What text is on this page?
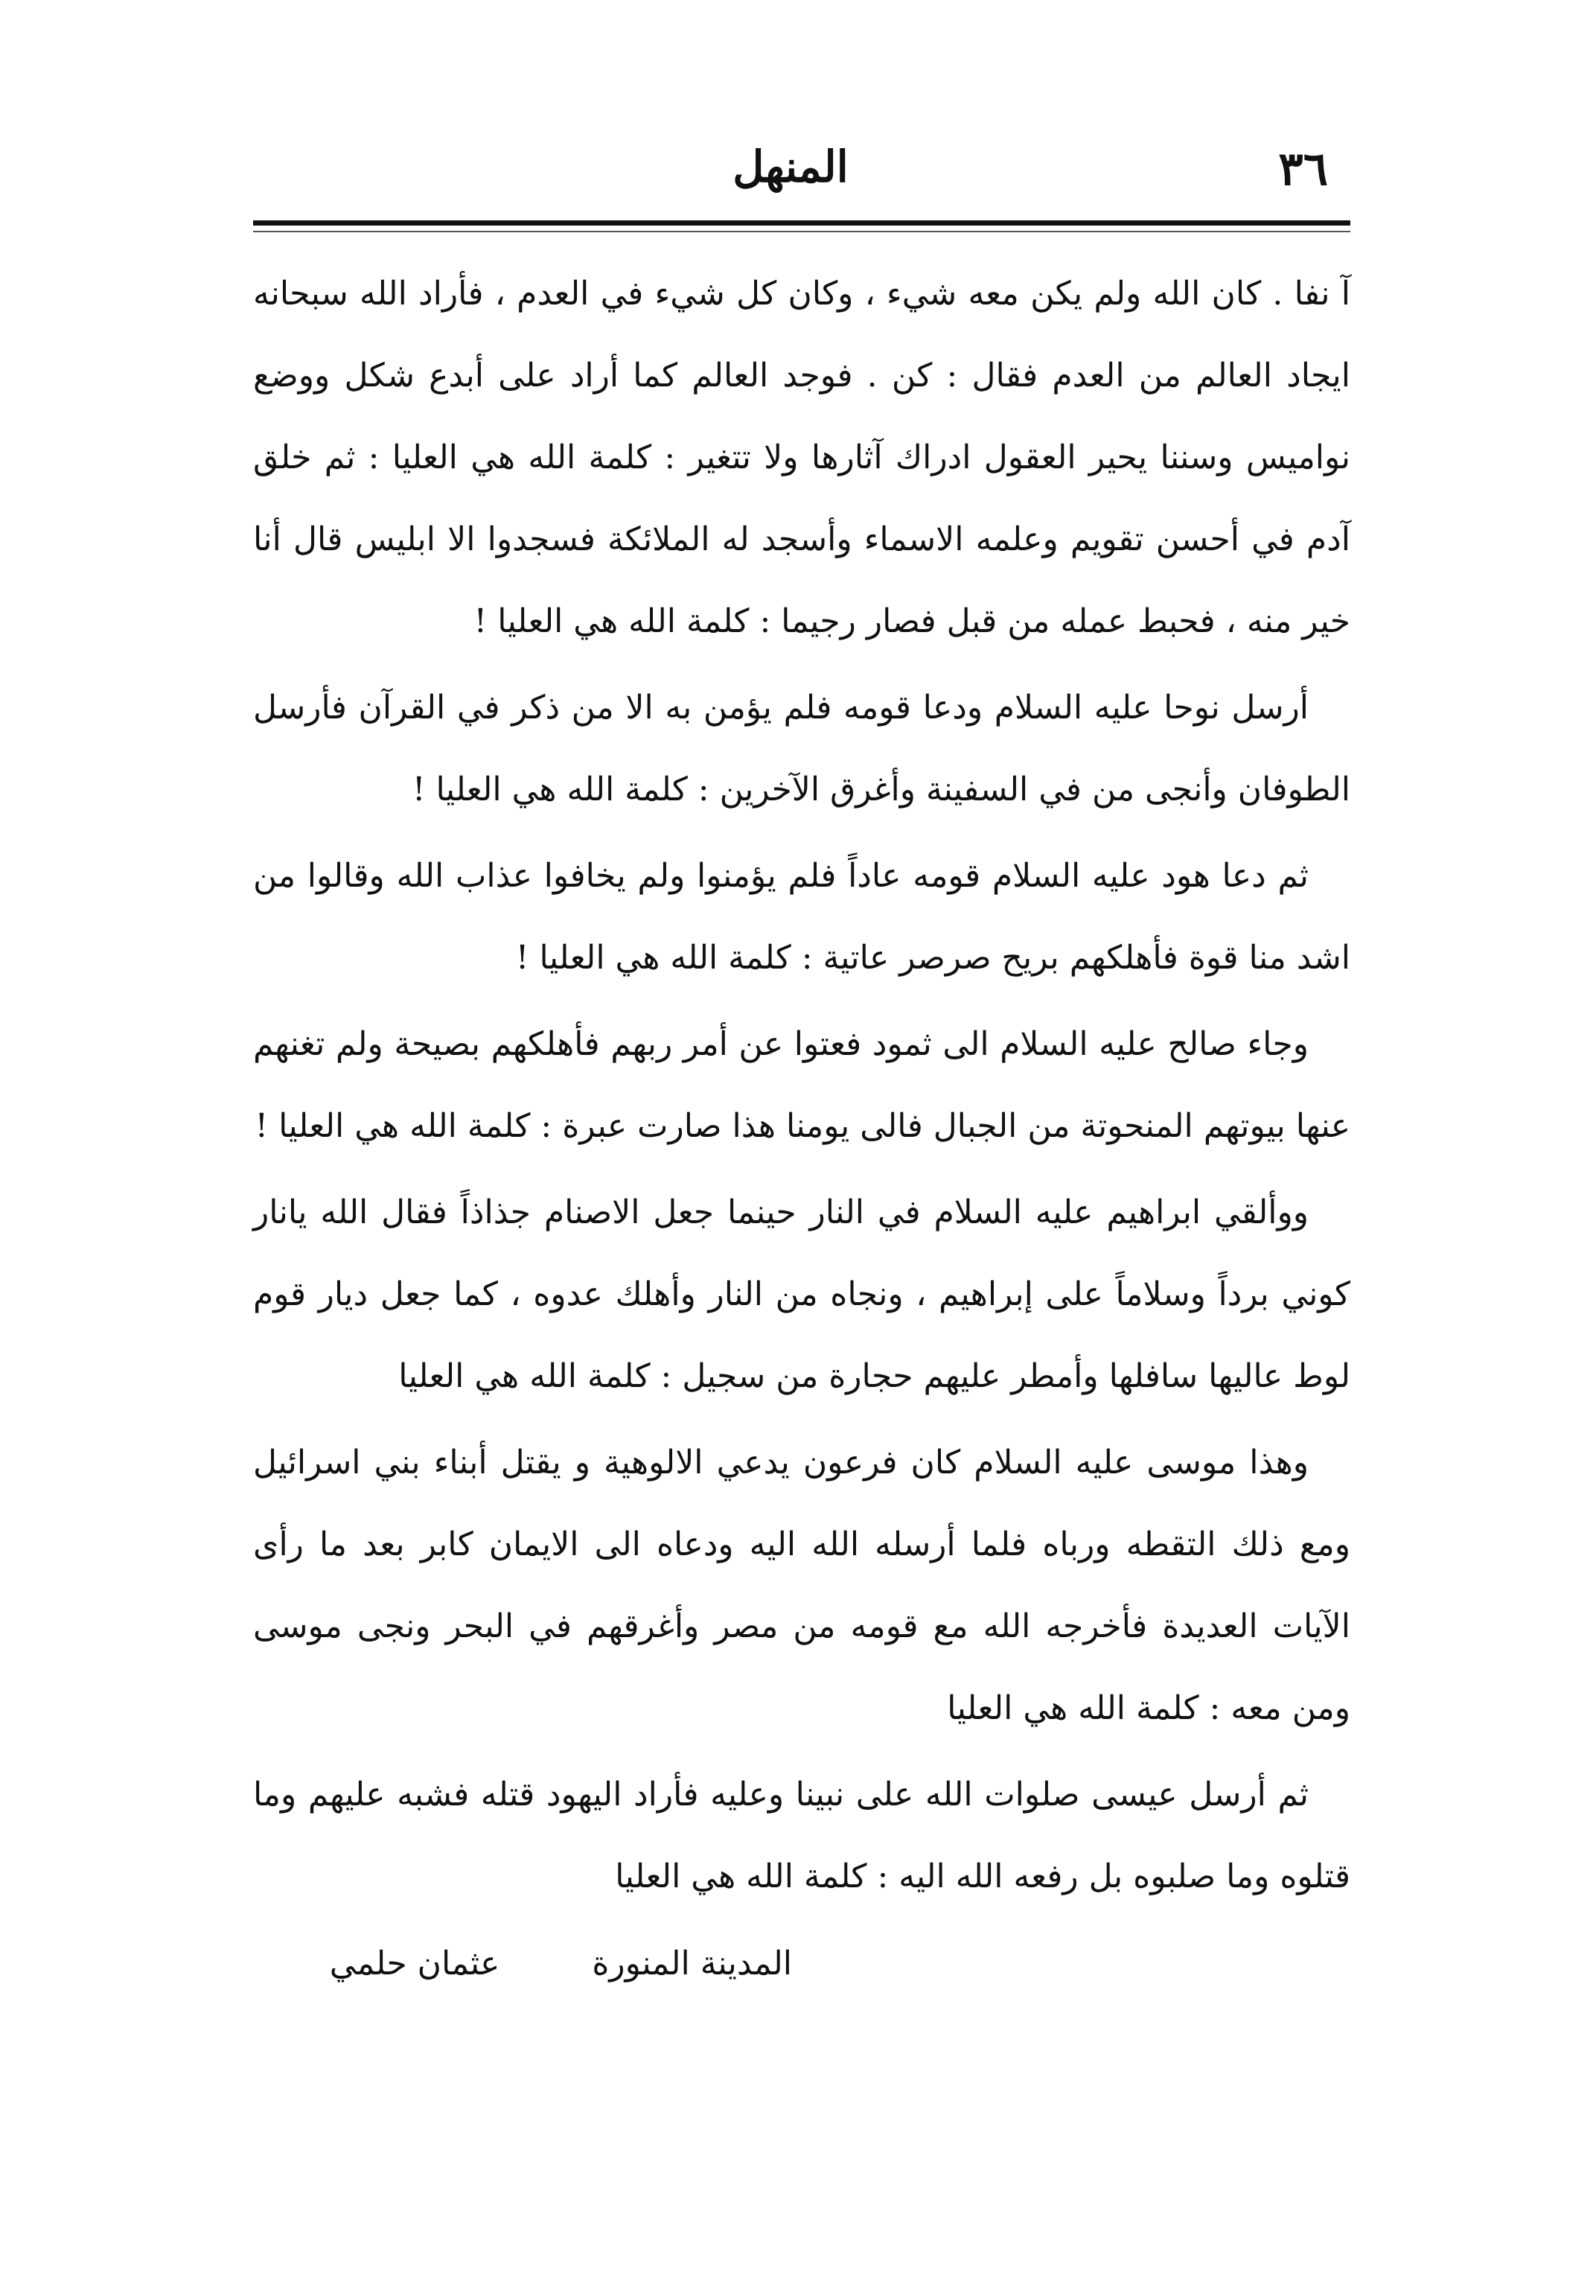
٣٦
المنهل

آ نفا . كان الله ولم يكن معه شيء ، وكان كل شيء في العدم ، فأراد الله سبحانه ايجاد العالم من العدم فقال : كن . فوجد العالم كما أراد على أبدع شكل ووضع نواميس وسننا يحير العقول ادراك آثارها ولا تتغير : كلمة الله هي العليا : ثم خلق آدم في أحسن تقويم وعلمه الاسماء وأسجد له الملائكة فسجدوا الا ابليس قال أنا خير منه ، فحبط عمله من قبل فصار رجيما : كلمة الله هي العليا !

أرسل نوحا عليه السلام ودعا قومه فلم يؤمن به الا من ذكر في القرآن فأرسل الطوفان وأنجى من في السفينة وأغرق الآخرين : كلمة الله هي العليا !

ثم دعا هود عليه السلام قومه عاداً فلم يؤمنوا ولم يخافوا عذاب الله وقالوا من اشد منا قوة فأهلكهم بريح صرصر عاتية : كلمة الله هي العليا !

وجاء صالح عليه السلام الى ثمود فعتوا عن أمر ربهم فأهلكهم بصيحة ولم تغنهم عنها بيوتهم المنحوتة من الجبال فالى يومنا هذا صارت عبرة : كلمة الله هي العليا !

ووألقي ابراهيم عليه السلام في النار حينما جعل الاصنام جذاذاً فقال الله يانار كوني برداً وسلاماً على إبراهيم ، ونجاه من النار وأهلك عدوه ، كما جعل ديار قوم لوط عاليها سافلها وأمطر عليهم حجارة من سجيل : كلمة الله هي العليا

وهذا موسى عليه السلام كان فرعون يدعي الالوهية و يقتل أبناء بني اسرائيل ومع ذلك التقطه ورباه فلما أرسله الله اليه ودعاه الى الايمان كابر بعد ما رأى الآيات العديدة فأخرجه الله مع قومه من مصر وأغرقهم في البحر ونجى موسى ومن معه : كلمة الله هي العليا

ثم أرسل عيسى صلوات الله على نبينا وعليه فأراد اليهود قتله فشبه عليهم وما قتلوه وما صلبوه بل رفعه الله اليه : كلمة الله هي العليا

المدينة المنورة عثمان حلمي
